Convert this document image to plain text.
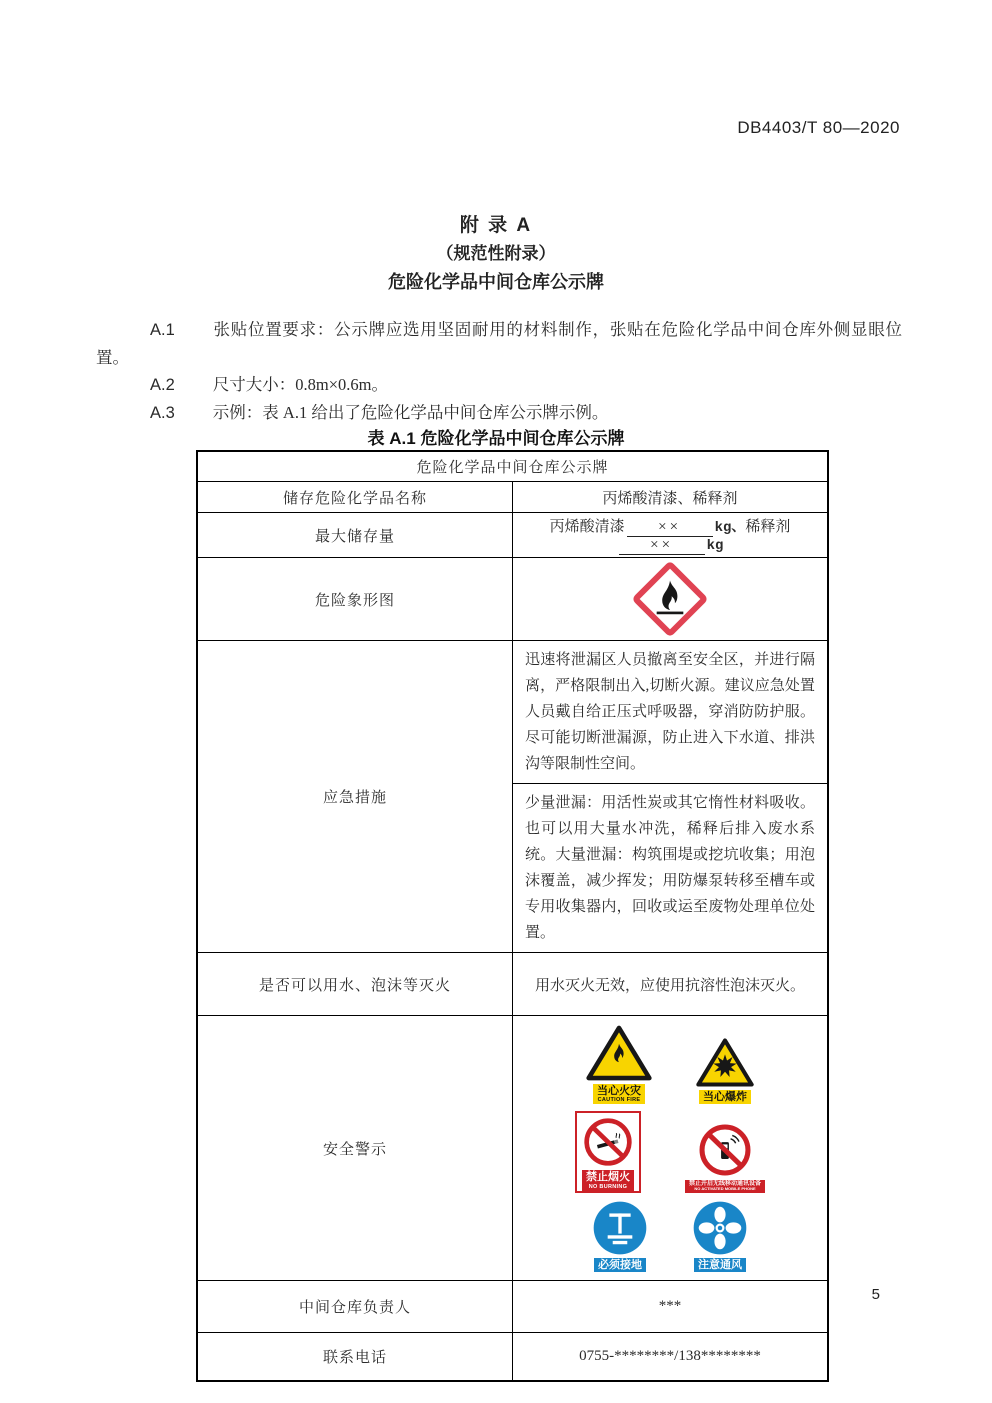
DB4403/T 80—2020
附 录 A
（规范性附录）
危险化学品中间仓库公示牌

A.1 张贴位置要求：公示牌应选用坚固耐用的材料制作，张贴在危险化学品中间仓库外侧显眼位置。

A.2 尺寸大小：0.8m×0.6m。

A.3 示例：表 A.1 给出了危险化学品中间仓库公示牌示例。

表 A.1 危险化学品中间仓库公示牌
危险化学品中间仓库公示牌	
储存危险化学品名称	丙烯酸清漆、稀释剂
最大储存量	丙烯酸清漆 ×× kg、稀释剂×× kg
危险象形图	

应急措施	迅速将泄漏区人员撤离至安全区，并进行隔离，严格限制出入,切断火源。建议应急处置人员戴自给正压式呼吸器，穿消防防护服。尽可能切断泄漏源，防止进入下水道、排洪沟等限制性空间。
	少量泄漏：用活性炭或其它惰性材料吸收。也可以用大量水冲洗，稀释后排入废水系统。大量泄漏：构筑围堤或挖坑收集；用泡沫覆盖，减少挥发；用防爆泵转移至槽车或专用收集器内，回收或运至废物处理单位处置。
是否可以用水、泡沫等灭火	用水灭火无效，应使用抗溶性泡沫灭火。
安全警示	
当心火灾
CAUTION FIRE	当心爆炸
禁止烟火
NO BURNING
禁止开启无线移动通讯设备
NO ACTIVATED MOBILE PHONE
必须接地	注意通风

中间仓库负责人	***
联系电话	0755-********/138********
5
